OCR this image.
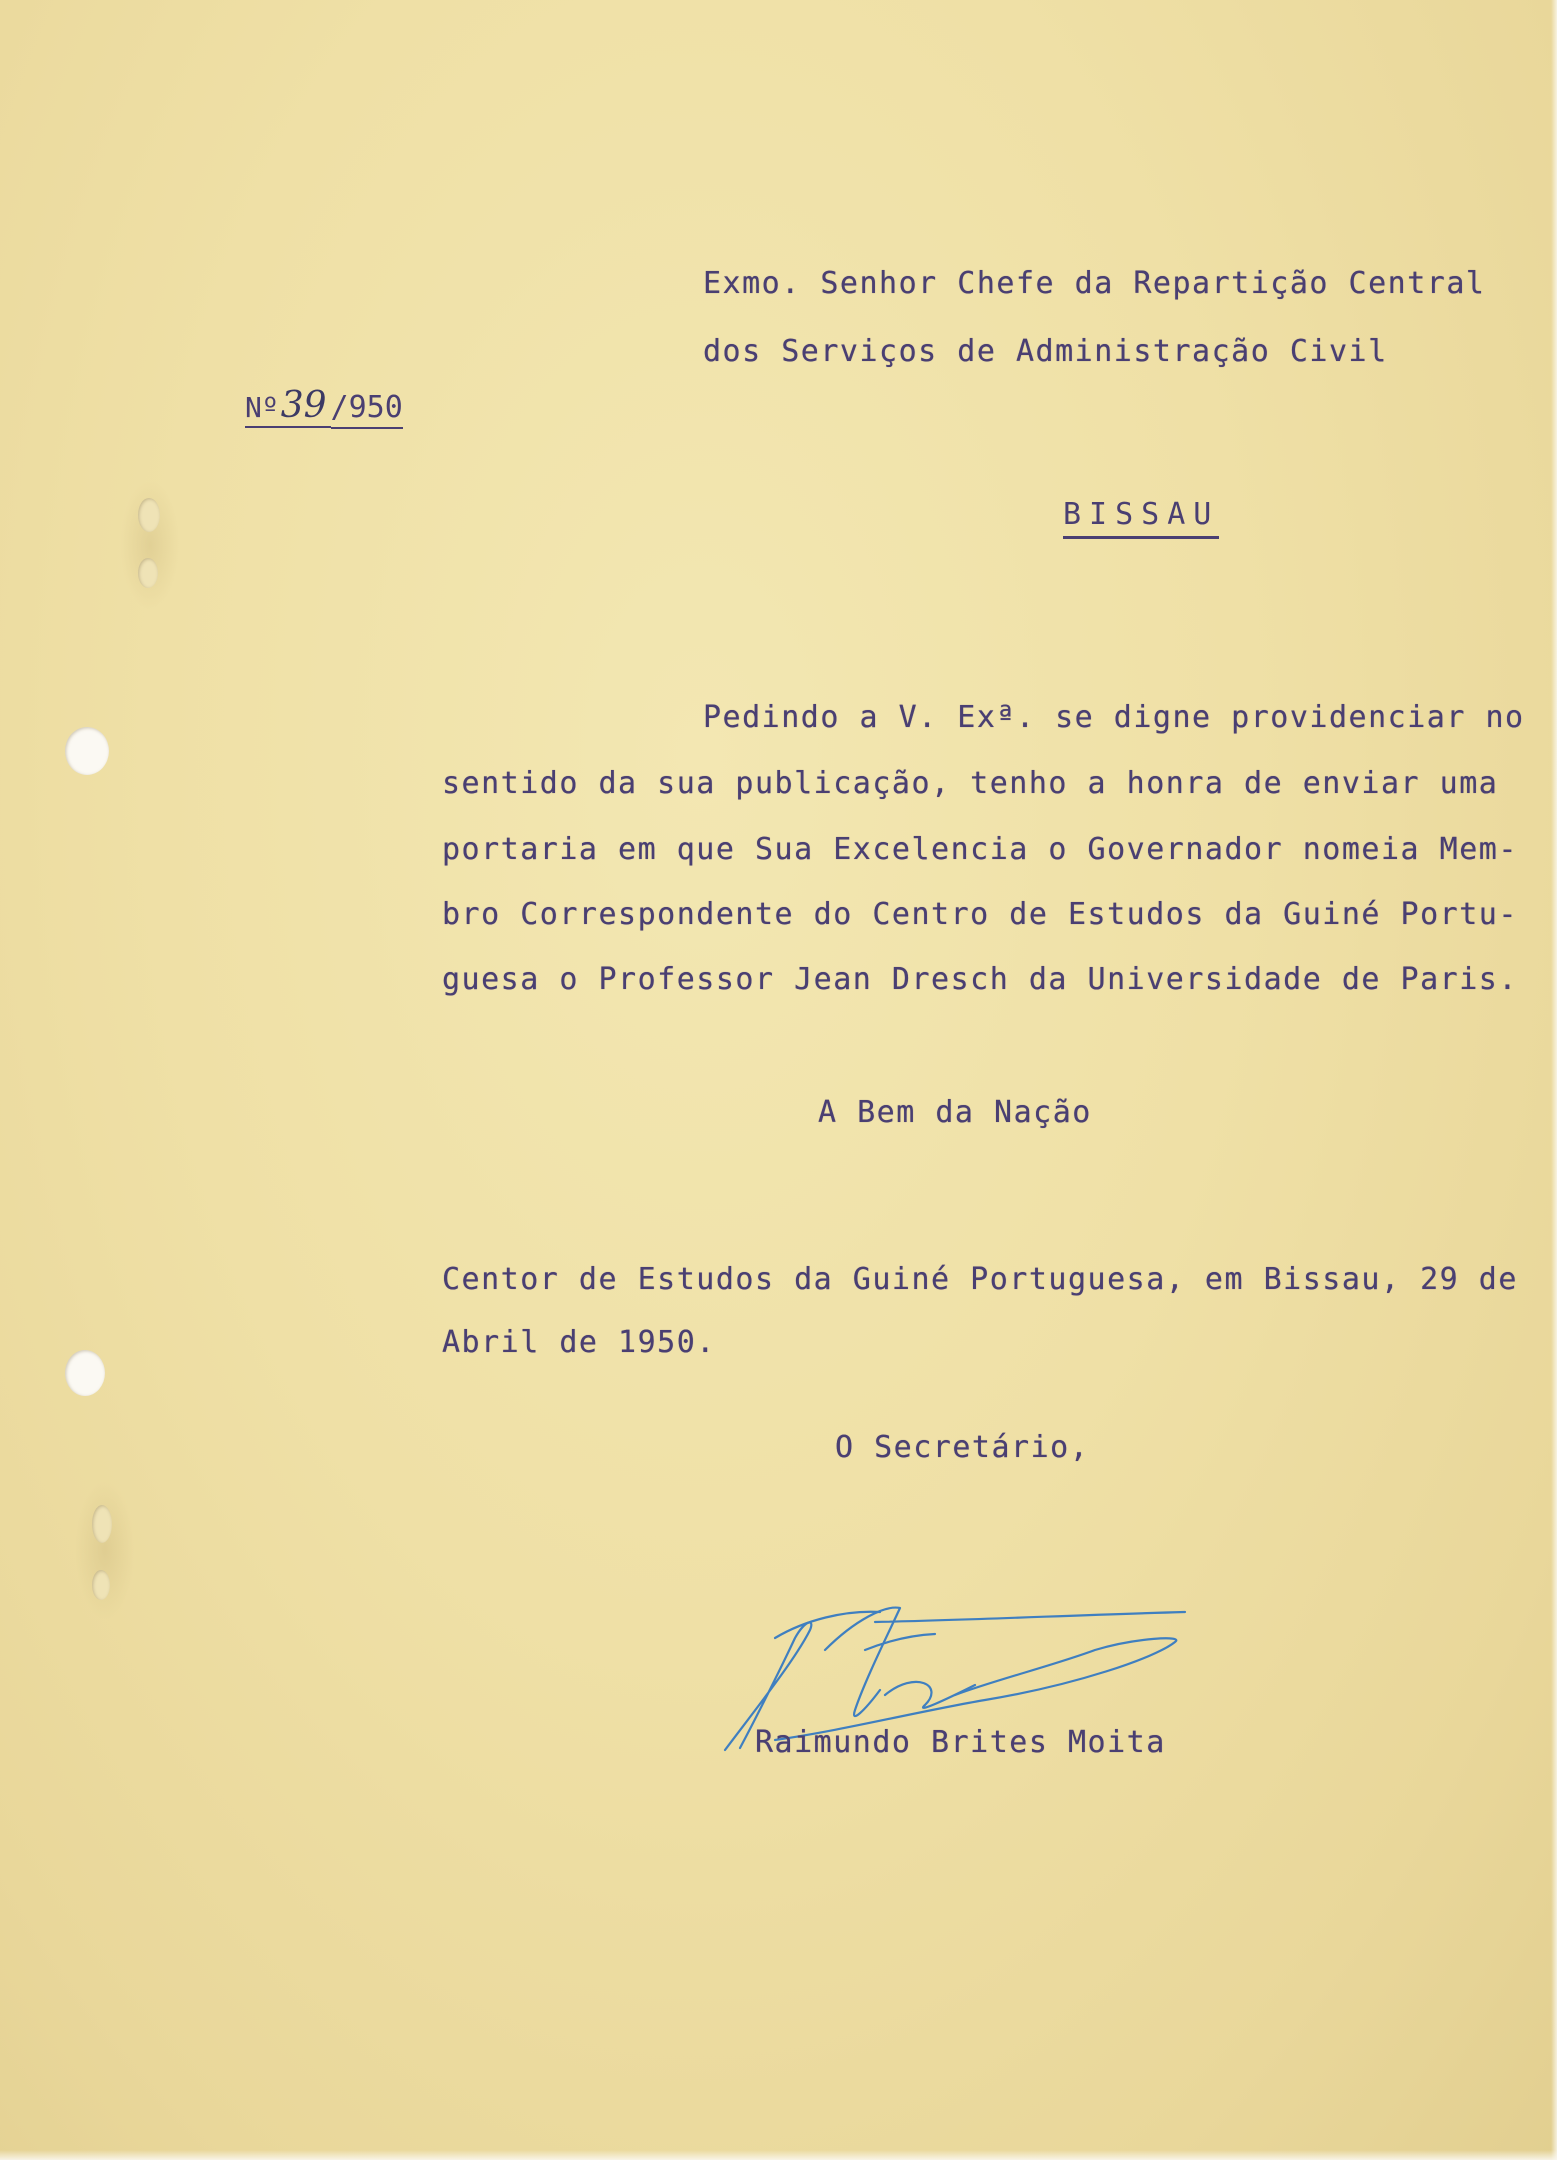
Exmo. Senhor Chefe da Repartição Central
dos Serviços de Administração Civil
Nº39 /950
BISSAU
Pedindo a V. Exª. se digne providenciar no
sentido da sua publicação, tenho a honra de enviar uma
portaria em que Sua Excelencia o Governador nomeia Mem-
bro Correspondente do Centro de Estudos da Guiné Portu-
guesa o Professor Jean Dresch da Universidade de Paris.
A Bem da Nação
Centor de Estudos da Guiné Portuguesa, em Bissau, 29 de
Abril de 1950.
O Secretário,
Raimundo Brites Moita
